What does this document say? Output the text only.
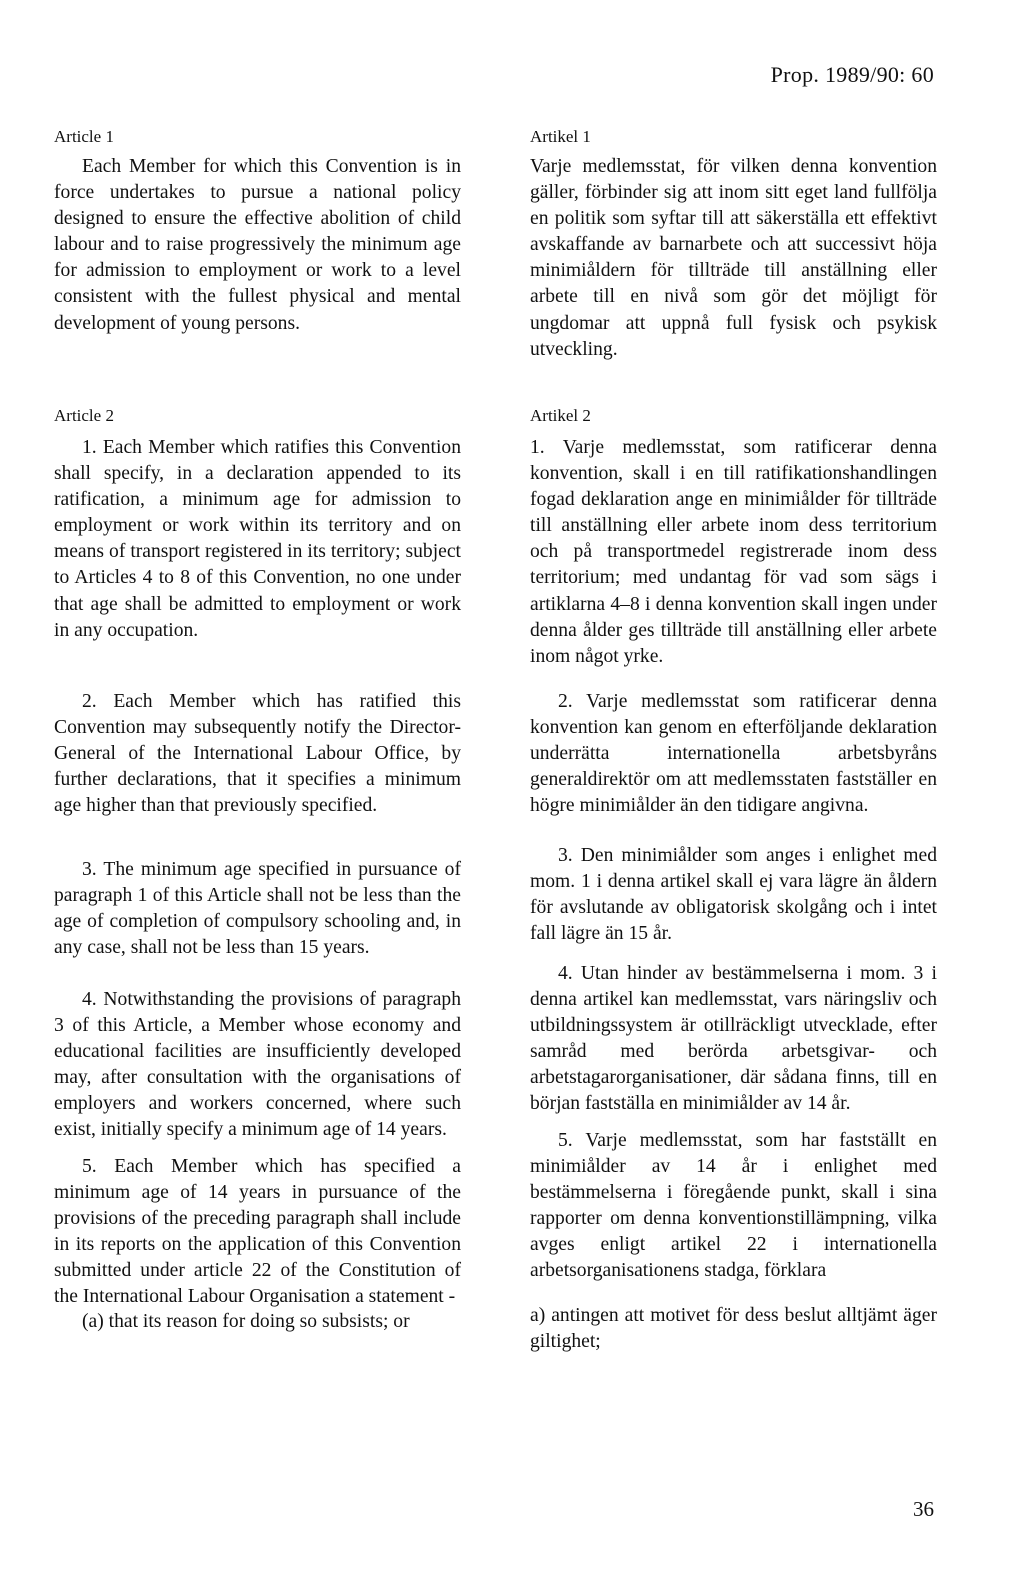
Prop. 1989/90: 60
Article 1

Each Member for which this Convention is in force undertakes to pursue a national policy designed to ensure the effective abolition of child labour and to raise progressively the minimum age for admission to employment or work to a level consistent with the fullest physical and mental development of young persons.

Article 2

1. Each Member which ratifies this Convention shall specify, in a declaration appended to its ratification, a minimum age for admission to employment or work within its territory and on means of transport registered in its territory; subject to Articles 4 to 8 of this Convention, no one under that age shall be admitted to employment or work in any occupation.

2. Each Member which has ratified this Convention may subsequently notify the Director-General of the International Labour Office, by further declarations, that it specifies a minimum age higher than that previously specified.

3. The minimum age specified in pursuance of paragraph 1 of this Article shall not be less than the age of completion of compulsory schooling and, in any case, shall not be less than 15 years.

4. Notwithstanding the provisions of paragraph 3 of this Article, a Member whose economy and educational facilities are insufficiently developed may, after consultation with the organisations of employers and workers concerned, where such exist, initially specify a minimum age of 14 years.

5. Each Member which has specified a minimum age of 14 years in pursuance of the provisions of the preceding paragraph shall include in its reports on the application of this Convention submitted under article 22 of the Constitution of the International Labour Organisation a statement -

(a) that its reason for doing so subsists; or

Artikel 1

Varje medlemsstat, för vilken denna konvention gäller, förbinder sig att inom sitt eget land fullfölja en politik som syftar till att säkerställa ett effektivt avskaffande av barnarbete och att successivt höja minimiåldern för tillträde till anställning eller arbete till en nivå som gör det möjligt för ungdomar att uppnå full fysisk och psykisk utveckling.

Artikel 2

1. Varje medlemsstat, som ratificerar denna konvention, skall i en till ratifikationshandlingen fogad deklaration ange en minimiålder för tillträde till anställning eller arbete inom dess territorium och på transportmedel registrerade inom dess territorium; med undantag för vad som sägs i artiklarna 4–8 i denna konvention skall ingen under denna ålder ges tillträde till anställning eller arbete inom något yrke.

2. Varje medlemsstat som ratificerar denna konvention kan genom en efterföljande deklaration underrätta internationella arbetsbyråns generaldirektör om att medlemsstaten fastställer en högre minimiålder än den tidigare angivna.

3. Den minimiålder som anges i enlighet med mom. 1 i denna artikel skall ej vara lägre än åldern för avslutande av obligatorisk skolgång och i intet fall lägre än 15 år.

4. Utan hinder av bestämmelserna i mom. 3 i denna artikel kan medlemsstat, vars näringsliv och utbildningssystem är otillräckligt utvecklade, efter samråd med berörda arbetsgivar- och arbetstagarorganisationer, där sådana finns, till en början fastställa en minimiålder av 14 år.

5. Varje medlemsstat, som har fastställt en minimiålder av 14 år i enlighet med bestämmelserna i föregående punkt, skall i sina rapporter om denna konventionstillämpning, vilka avges enligt artikel 22 i internationella arbetsorganisationens stadga, förklara

a) antingen att motivet för dess beslut alltjämt äger giltighet;

36
